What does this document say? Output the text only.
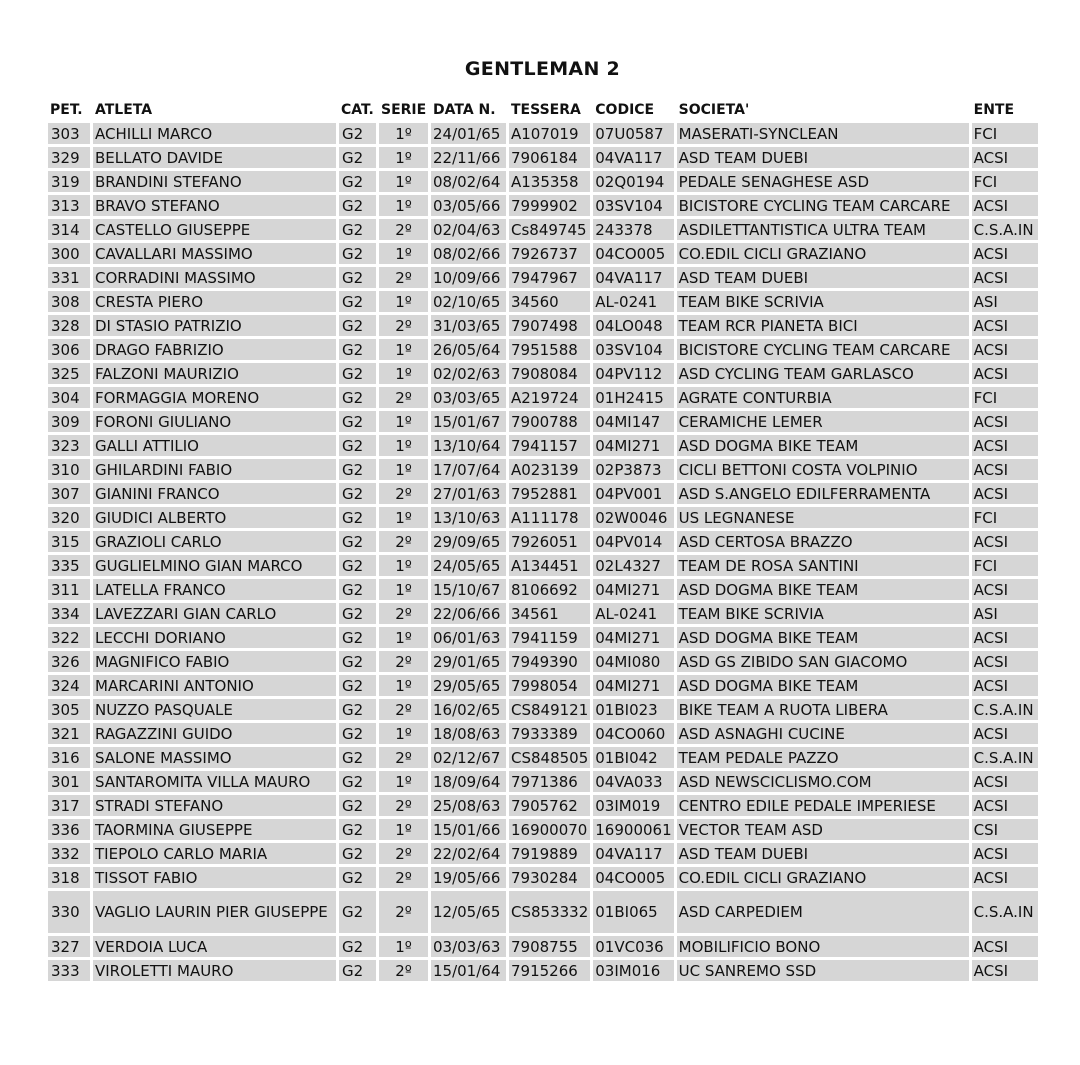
GENTLEMAN 2
PET.	ATLETA	CAT.	SERIE	DATA N.	TESSERA	CODICE	SOCIETA'	ENTE
303	ACHILLI MARCO	G2	1º	24/01/65	A107019	07U0587	MASERATI-SYNCLEAN	FCI
329	BELLATO DAVIDE	G2	1º	22/11/66	7906184	04VA117	ASD TEAM DUEBI	ACSI
319	BRANDINI STEFANO	G2	1º	08/02/64	A135358	02Q0194	PEDALE SENAGHESE ASD	FCI
313	BRAVO STEFANO	G2	1º	03/05/66	7999902	03SV104	BICISTORE CYCLING TEAM CARCARE	ACSI
314	CASTELLO GIUSEPPE	G2	2º	02/04/63	Cs849745	243378	ASDILETTANTISTICA ULTRA TEAM	C.S.A.IN
300	CAVALLARI MASSIMO	G2	1º	08/02/66	7926737	04CO005	CO.EDIL CICLI GRAZIANO	ACSI
331	CORRADINI MASSIMO	G2	2º	10/09/66	7947967	04VA117	ASD TEAM DUEBI	ACSI
308	CRESTA PIERO	G2	1º	02/10/65	34560	AL-0241	TEAM BIKE SCRIVIA	ASI
328	DI STASIO PATRIZIO	G2	2º	31/03/65	7907498	04LO048	TEAM RCR PIANETA BICI	ACSI
306	DRAGO FABRIZIO	G2	1º	26/05/64	7951588	03SV104	BICISTORE CYCLING TEAM CARCARE	ACSI
325	FALZONI MAURIZIO	G2	1º	02/02/63	7908084	04PV112	ASD CYCLING TEAM GARLASCO	ACSI
304	FORMAGGIA MORENO	G2	2º	03/03/65	A219724	01H2415	AGRATE CONTURBIA	FCI
309	FORONI GIULIANO	G2	1º	15/01/67	7900788	04MI147	CERAMICHE LEMER	ACSI
323	GALLI ATTILIO	G2	1º	13/10/64	7941157	04MI271	ASD DOGMA BIKE TEAM	ACSI
310	GHILARDINI FABIO	G2	1º	17/07/64	A023139	02P3873	CICLI BETTONI COSTA VOLPINIO	ACSI
307	GIANINI FRANCO	G2	2º	27/01/63	7952881	04PV001	ASD S.ANGELO EDILFERRAMENTA	ACSI
320	GIUDICI ALBERTO	G2	1º	13/10/63	A111178	02W0046	US LEGNANESE	FCI
315	GRAZIOLI CARLO	G2	2º	29/09/65	7926051	04PV014	ASD CERTOSA BRAZZO	ACSI
335	GUGLIELMINO GIAN MARCO	G2	1º	24/05/65	A134451	02L4327	TEAM DE ROSA SANTINI	FCI
311	LATELLA FRANCO	G2	1º	15/10/67	8106692	04MI271	ASD DOGMA BIKE TEAM	ACSI
334	LAVEZZARI GIAN CARLO	G2	2º	22/06/66	34561	AL-0241	TEAM BIKE SCRIVIA	ASI
322	LECCHI DORIANO	G2	1º	06/01/63	7941159	04MI271	ASD DOGMA BIKE TEAM	ACSI
326	MAGNIFICO FABIO	G2	2º	29/01/65	7949390	04MI080	ASD GS ZIBIDO SAN GIACOMO	ACSI
324	MARCARINI ANTONIO	G2	1º	29/05/65	7998054	04MI271	ASD DOGMA BIKE TEAM	ACSI
305	NUZZO PASQUALE	G2	2º	16/02/65	CS849121	01BI023	BIKE TEAM A RUOTA LIBERA	C.S.A.IN
321	RAGAZZINI GUIDO	G2	1º	18/08/63	7933389	04CO060	ASD ASNAGHI CUCINE	ACSI
316	SALONE MASSIMO	G2	2º	02/12/67	CS848505	01BI042	TEAM PEDALE PAZZO	C.S.A.IN
301	SANTAROMITA VILLA MAURO	G2	1º	18/09/64	7971386	04VA033	ASD NEWSCICLISMO.COM	ACSI
317	STRADI STEFANO	G2	2º	25/08/63	7905762	03IM019	CENTRO EDILE PEDALE IMPERIESE	ACSI
336	TAORMINA GIUSEPPE	G2	1º	15/01/66	16900070	16900061	VECTOR TEAM ASD	CSI
332	TIEPOLO CARLO MARIA	G2	2º	22/02/64	7919889	04VA117	ASD TEAM DUEBI	ACSI
318	TISSOT FABIO	G2	2º	19/05/66	7930284	04CO005	CO.EDIL CICLI GRAZIANO	ACSI
330	VAGLIO LAURIN PIER GIUSEPPE	G2	2º	12/05/65	CS853332	01BI065	ASD CARPEDIEM	C.S.A.IN
327	VERDOIA LUCA	G2	1º	03/03/63	7908755	01VC036	MOBILIFICIO BONO	ACSI
333	VIROLETTI MAURO	G2	2º	15/01/64	7915266	03IM016	UC SANREMO SSD	ACSI
